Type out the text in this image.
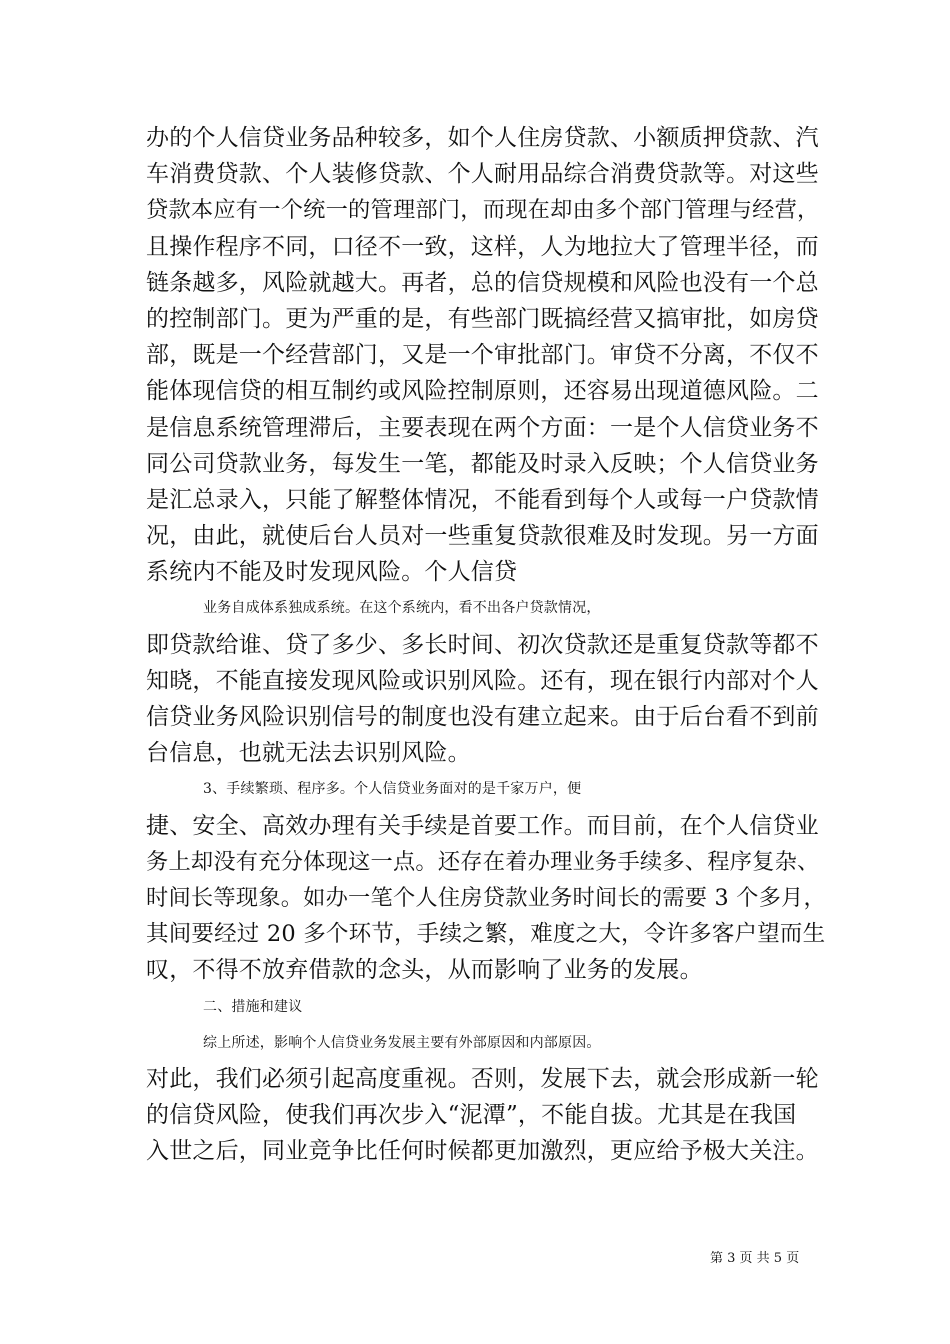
办的个人信贷业务品种较多，如个人住房贷款、小额质押贷款、汽
车消费贷款、个人装修贷款、个人耐用品综合消费贷款等。对这些
贷款本应有一个统一的管理部门，而现在却由多个部门管理与经营，
且操作程序不同，口径不一致，这样，人为地拉大了管理半径，而
链条越多，风险就越大。再者，总的信贷规模和风险也没有一个总
的控制部门。更为严重的是，有些部门既搞经营又搞审批，如房贷
部，既是一个经营部门，又是一个审批部门。审贷不分离，不仅不
能体现信贷的相互制约或风险控制原则，还容易出现道德风险。二
是信息系统管理滞后，主要表现在两个方面：一是个人信贷业务不
同公司贷款业务，每发生一笔，都能及时录入反映；个人信贷业务
是汇总录入，只能了解整体情况，不能看到每个人或每一户贷款情
况，由此，就使后台人员对一些重复贷款很难及时发现。另一方面
系统内不能及时发现风险。个人信贷
业务自成体系独成系统。在这个系统内，看不出各户贷款情况，
即贷款给谁、贷了多少、多长时间、初次贷款还是重复贷款等都不
知晓，不能直接发现风险或识别风险。还有，现在银行内部对个人
信贷业务风险识别信号的制度也没有建立起来。由于后台看不到前
台信息，也就无法去识别风险。
3、手续繁琐、程序多。个人信贷业务面对的是千家万户，便
捷、安全、高效办理有关手续是首要工作。而目前，在个人信贷业
务上却没有充分体现这一点。还存在着办理业务手续多、程序复杂、
时间长等现象。如办一笔个人住房贷款业务时间长的需要 3 个多月，
其间要经过 20 多个环节，手续之繁，难度之大，令许多客户望而生
叹，不得不放弃借款的念头，从而影响了业务的发展。
二、措施和建议
综上所述，影响个人信贷业务发展主要有外部原因和内部原因。
对此，我们必须引起高度重视。否则，发展下去，就会形成新一轮
的信贷风险，使我们再次步入“泥潭”，不能自拔。尤其是在我国
入世之后，同业竞争比任何时候都更加激烈，更应给予极大关注。
第 3 页 共 5 页
